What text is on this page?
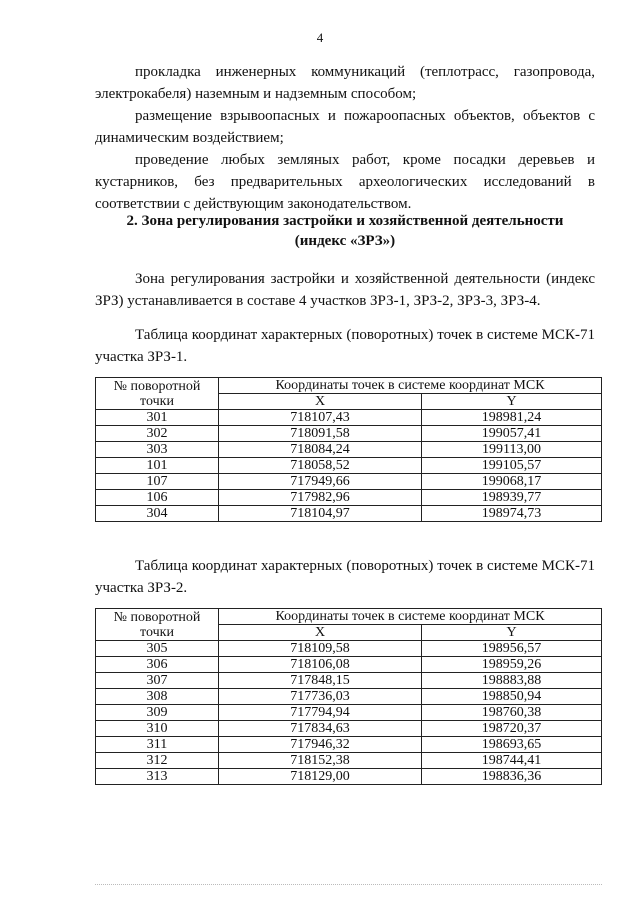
4

прокладка инженерных коммуникаций (теплотрасс, газопровода, электрокабеля) наземным и надземным способом;

размещение взрывоопасных и пожароопасных объектов, объектов с динамическим воздействием;

проведение любых земляных работ, кроме посадки деревьев и кустарников, без предварительных археологических исследований в соответствии с действующим законодательством.

2. Зона регулирования застройки и хозяйственной деятельности
(индекс «ЗРЗ»)

Зона регулирования застройки и хозяйственной деятельности (индекс ЗРЗ) устанавливается в составе 4 участков ЗРЗ-1, ЗРЗ-2, ЗРЗ-3, ЗРЗ-4.

Таблица координат характерных (поворотных) точек в системе МСК-71 участка ЗРЗ-1.

№ поворотной точки	Координаты точек в системе координат МСК	
	X	Y
301	718107,43	198981,24
302	718091,58	199057,41
303	718084,24	199113,00
101	718058,52	199105,57
107	717949,66	199068,17
106	717982,96	198939,77
304	718104,97	198974,73

Таблица координат характерных (поворотных) точек в системе МСК-71 участка ЗРЗ-2.

№ поворотной точки	Координаты точек в системе координат МСК	
	X	Y
305	718109,58	198956,57
306	718106,08	198959,26
307	717848,15	198883,88
308	717736,03	198850,94
309	717794,94	198760,38
310	717834,63	198720,37
311	717946,32	198693,65
312	718152,38	198744,41
313	718129,00	198836,36
